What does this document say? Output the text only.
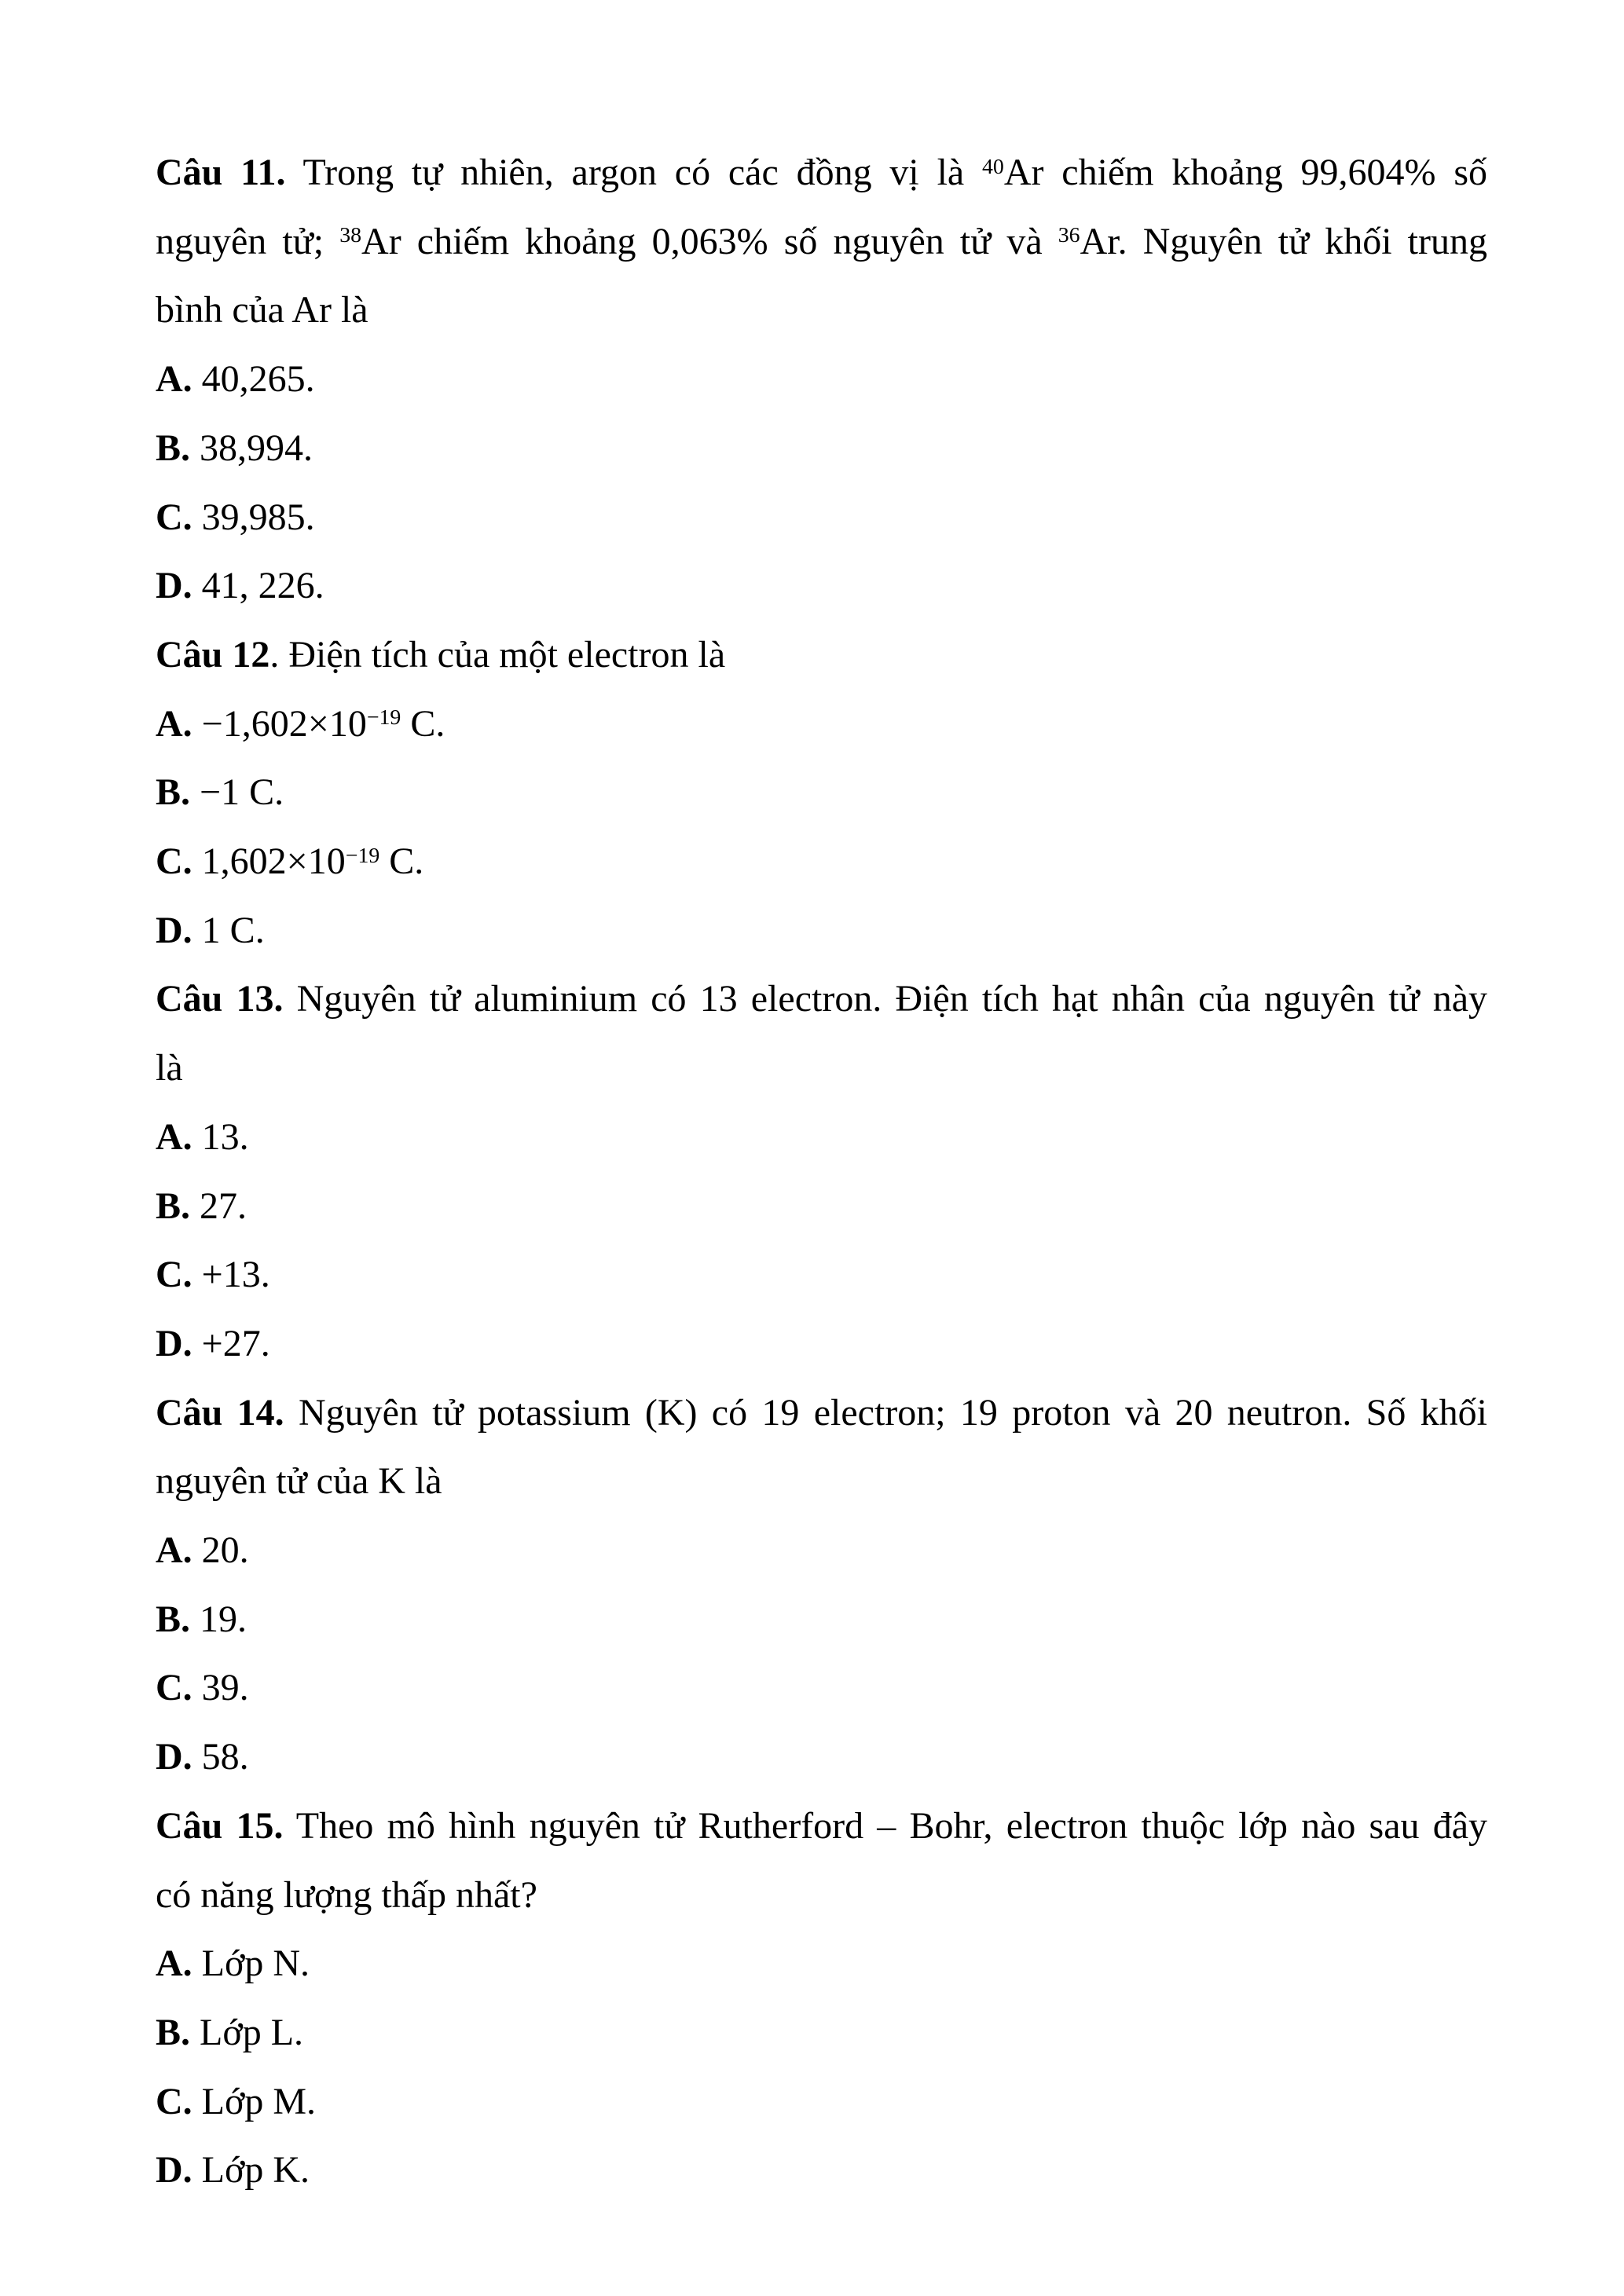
Câu 11. Trong tự nhiên, argon có các đồng vị là $^{40}$Ar chiếm khoảng 99,604% số
nguyên tử; $^{38}$Ar chiếm khoảng 0,063% số nguyên tử và $^{36}$Ar. Nguyên tử khối trung
bình của Ar là
A. 40,265.
B. 38,994.
C. 39,985.
D. 41, 226.
Câu 12. Điện tích của một electron là
A. $-1,602\times 10^{-19}$ C.
B. −1 C.
C. $1,602\times 10^{-19}$ C.
D. 1 C.
Câu 13. Nguyên tử aluminium có 13 electron. Điện tích hạt nhân của nguyên tử này
là
A. 13.
B. 27.
C. +13.
D. +27.
Câu 14. Nguyên tử potassium (K) có 19 electron; 19 proton và 20 neutron. Số khối
nguyên tử của K là
A. 20.
B. 19.
C. 39.
D. 58.
Câu 15. Theo mô hình nguyên tử Rutherford – Bohr, electron thuộc lớp nào sau đây
có năng lượng thấp nhất?
A. Lớp N.
B. Lớp L.
C. Lớp M.
D. Lớp K.
